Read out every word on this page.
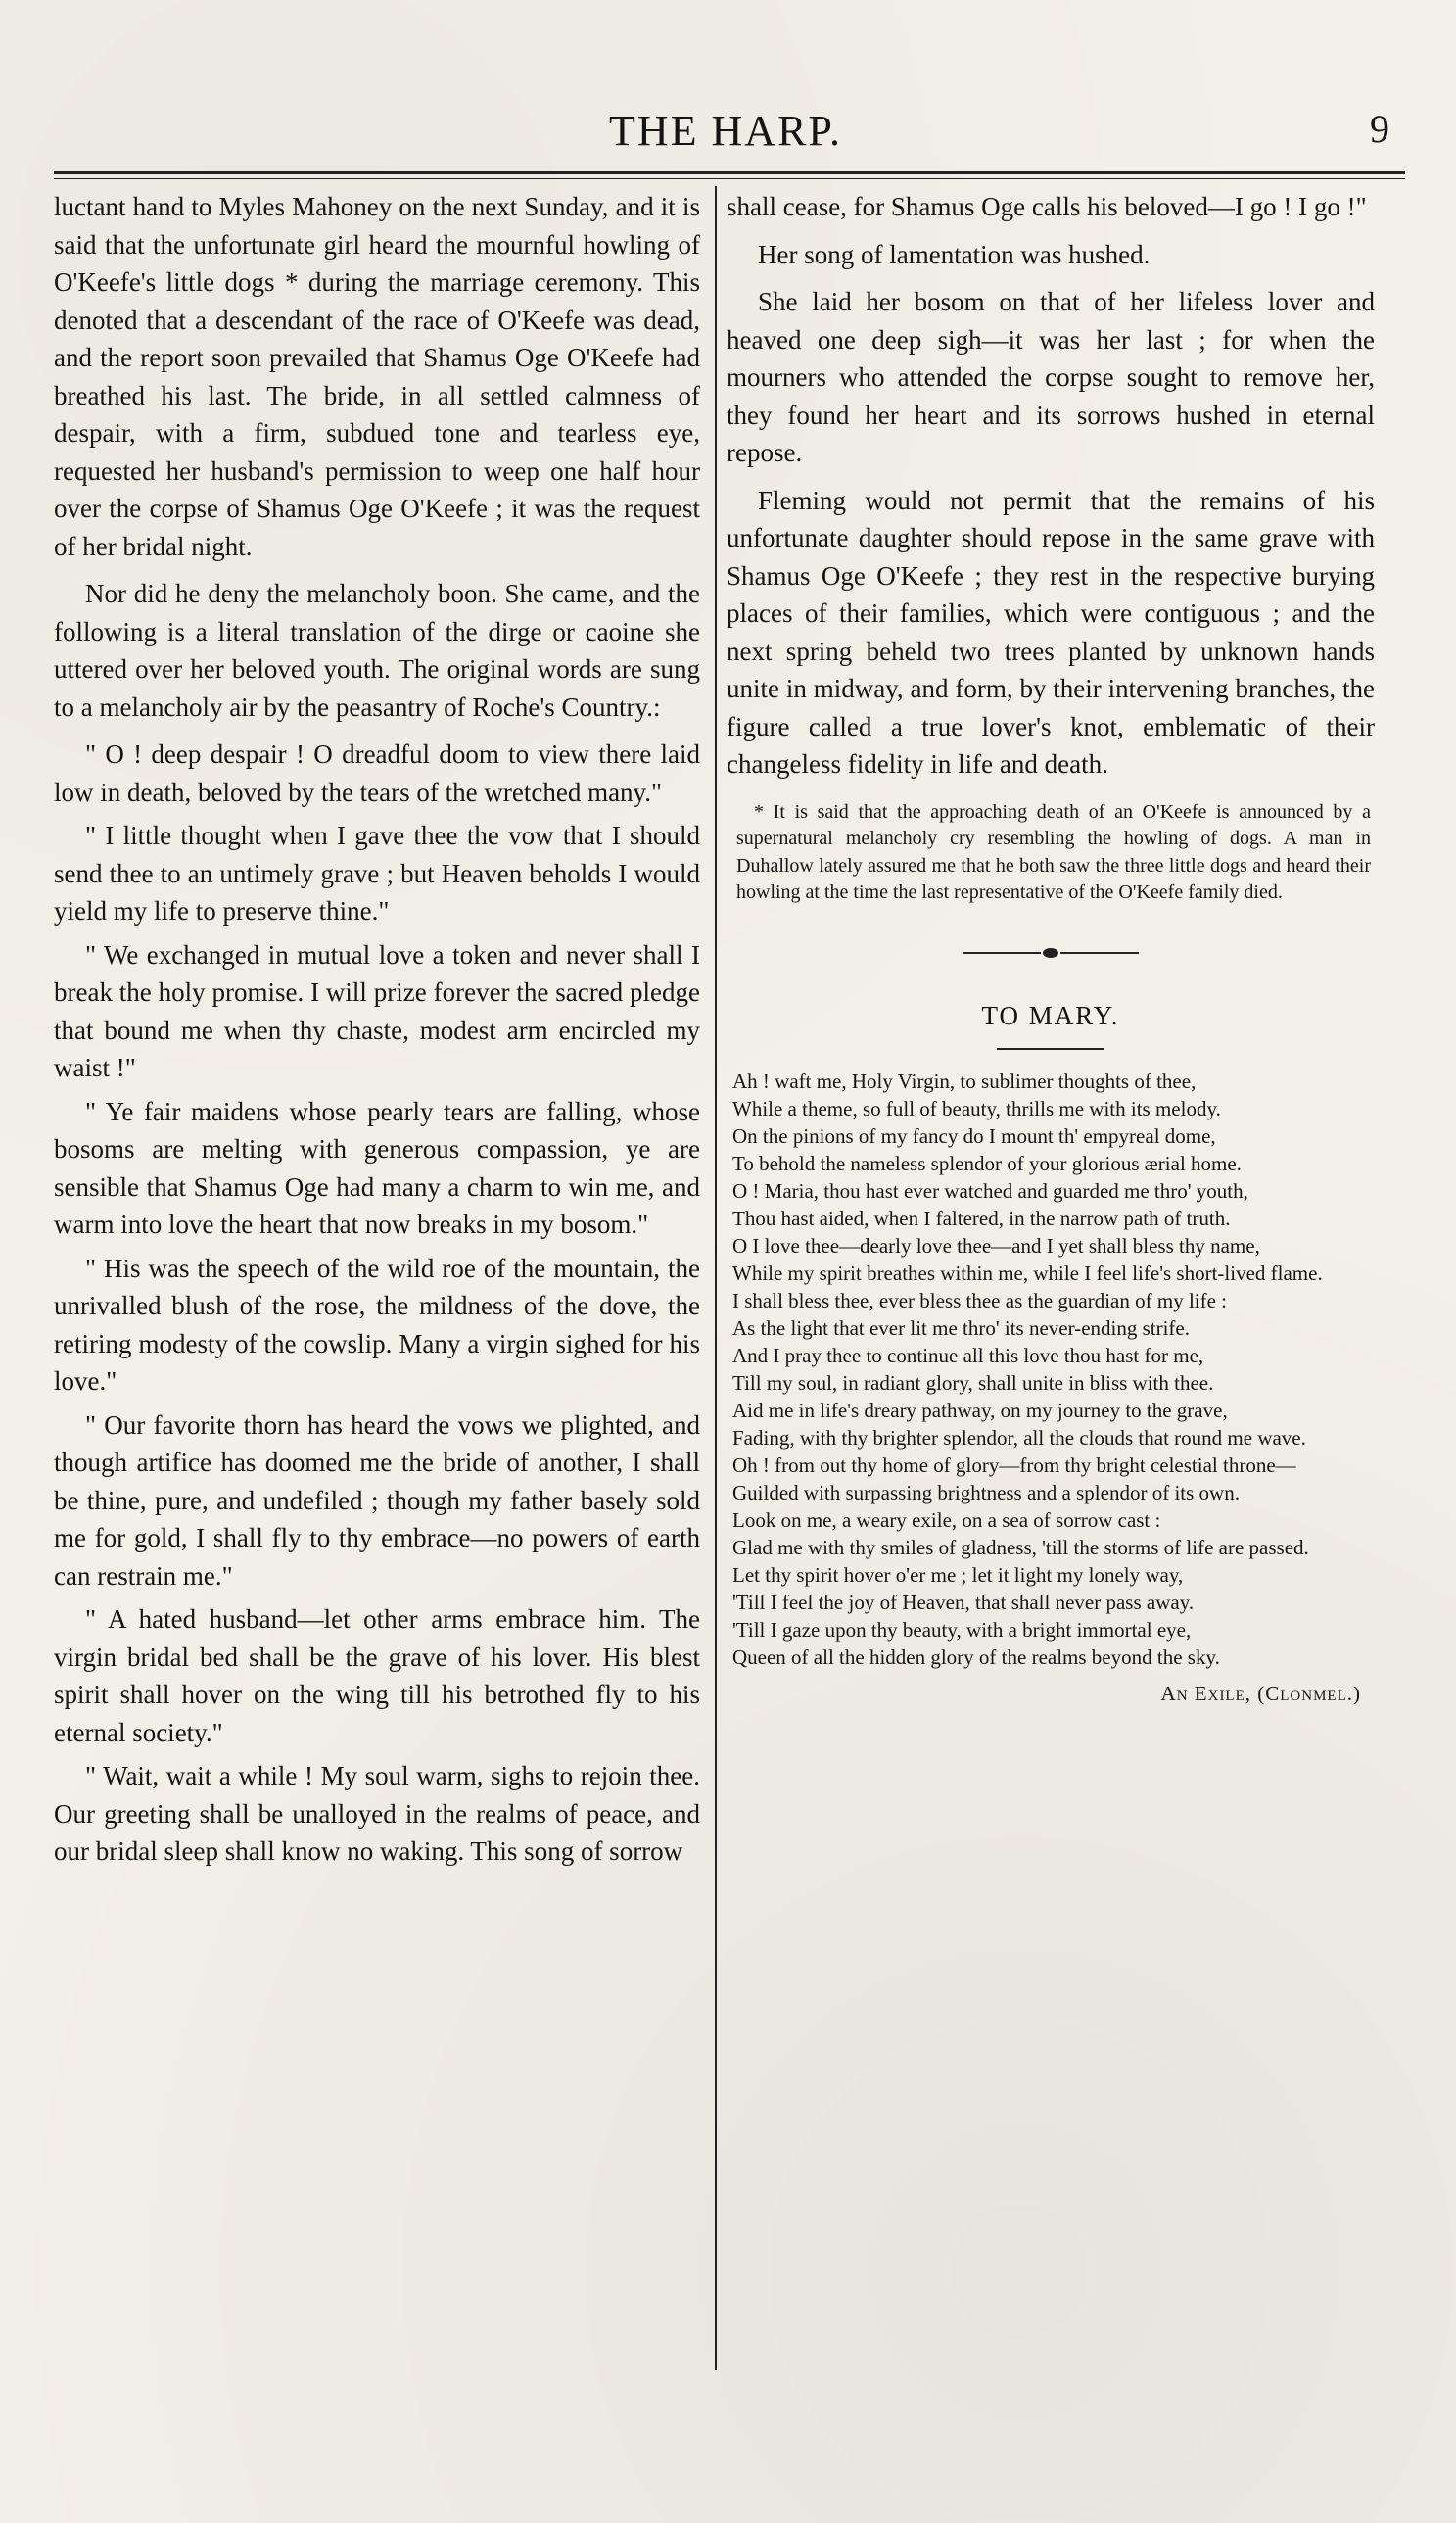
THE HARP.	9

luctant hand to Myles Mahoney on the next Sunday, and it is said that the unfortunate girl heard the mournful howling of O'Keefe's little dogs * during the marriage ceremony. This denoted that a descendant of the race of O'Keefe was dead, and the report soon prevailed that Shamus Oge O'Keefe had breathed his last. The bride, in all settled calmness of despair, with a firm, subdued tone and tearless eye, requested her husband's permission to weep one half hour over the corpse of Shamus Oge O'Keefe ; it was the request of her bridal night.

Nor did he deny the melancholy boon. She came, and the following is a literal translation of the dirge or caoine she uttered over her beloved youth. The original words are sung to a melancholy air by the peasantry of Roche's Country.:

" O ! deep despair ! O dreadful doom to view there laid low in death, beloved by the tears of the wretched many."

" I little thought when I gave thee the vow that I should send thee to an untimely grave ; but Heaven beholds I would yield my life to preserve thine."

" We exchanged in mutual love a token and never shall I break the holy promise. I will prize forever the sacred pledge that bound me when thy chaste, modest arm encircled my waist !"

" Ye fair maidens whose pearly tears are falling, whose bosoms are melting with generous compassion, ye are sensible that Shamus Oge had many a charm to win me, and warm into love the heart that now breaks in my bosom."

" His was the speech of the wild roe of the mountain, the unrivalled blush of the rose, the mildness of the dove, the retiring modesty of the cowslip. Many a virgin sighed for his love."

" Our favorite thorn has heard the vows we plighted, and though artifice has doomed me the bride of another, I shall be thine, pure, and undefiled ; though my father basely sold me for gold, I shall fly to thy embrace—no powers of earth can restrain me."

" A hated husband—let other arms embrace him. The virgin bridal bed shall be the grave of his lover. His blest spirit shall hover on the wing till his betrothed fly to his eternal society."

" Wait, wait a while ! My soul warm, sighs to rejoin thee. Our greeting shall be unalloyed in the realms of peace, and our bridal sleep shall know no waking. This song of sorrow

shall cease, for Shamus Oge calls his beloved—I go ! I go !"

Her song of lamentation was hushed.

She laid her bosom on that of her lifeless lover and heaved one deep sigh—it was her last ; for when the mourners who attended the corpse sought to remove her, they found her heart and its sorrows hushed in eternal repose.

Fleming would not permit that the remains of his unfortunate daughter should repose in the same grave with Shamus Oge O'Keefe ; they rest in the respective burying places of their families, which were contiguous ; and the next spring beheld two trees planted by unknown hands unite in midway, and form, by their intervening branches, the figure called a true lover's knot, emblematic of their changeless fidelity in life and death.

* It is said that the approaching death of an O'Keefe is announced by a supernatural melancholy cry resembling the howling of dogs. A man in Duhallow lately assured me that he both saw the three little dogs and heard their howling at the time the last representative of the O'Keefe family died.

TO MARY.

Ah ! waft me, Holy Virgin, to sublimer thoughts of thee,

While a theme, so full of beauty, thrills me with its melody.

On the pinions of my fancy do I mount th' empyreal dome,

To behold the nameless splendor of your glorious ærial home.

O ! Maria, thou hast ever watched and guarded me thro' youth,

Thou hast aided, when I faltered, in the narrow path of truth.

O I love thee—dearly love thee—and I yet shall bless thy name,

While my spirit breathes within me, while I feel life's short-lived flame.

I shall bless thee, ever bless thee as the guardian of my life :

As the light that ever lit me thro' its never-ending strife.

And I pray thee to continue all this love thou hast for me,

Till my soul, in radiant glory, shall unite in bliss with thee.

Aid me in life's dreary pathway, on my journey to the grave,

Fading, with thy brighter splendor, all the clouds that round me wave.

Oh ! from out thy home of glory—from thy bright celestial throne—

Guilded with surpassing brightness and a splendor of its own.

Look on me, a weary exile, on a sea of sorrow cast :

Glad me with thy smiles of gladness, 'till the storms of life are passed.

Let thy spirit hover o'er me ; let it light my lonely way,

'Till I feel the joy of Heaven, that shall never pass away.

'Till I gaze upon thy beauty, with a bright immortal eye,

Queen of all the hidden glory of the realms beyond the sky.

An Exile, (Clonmel.)
